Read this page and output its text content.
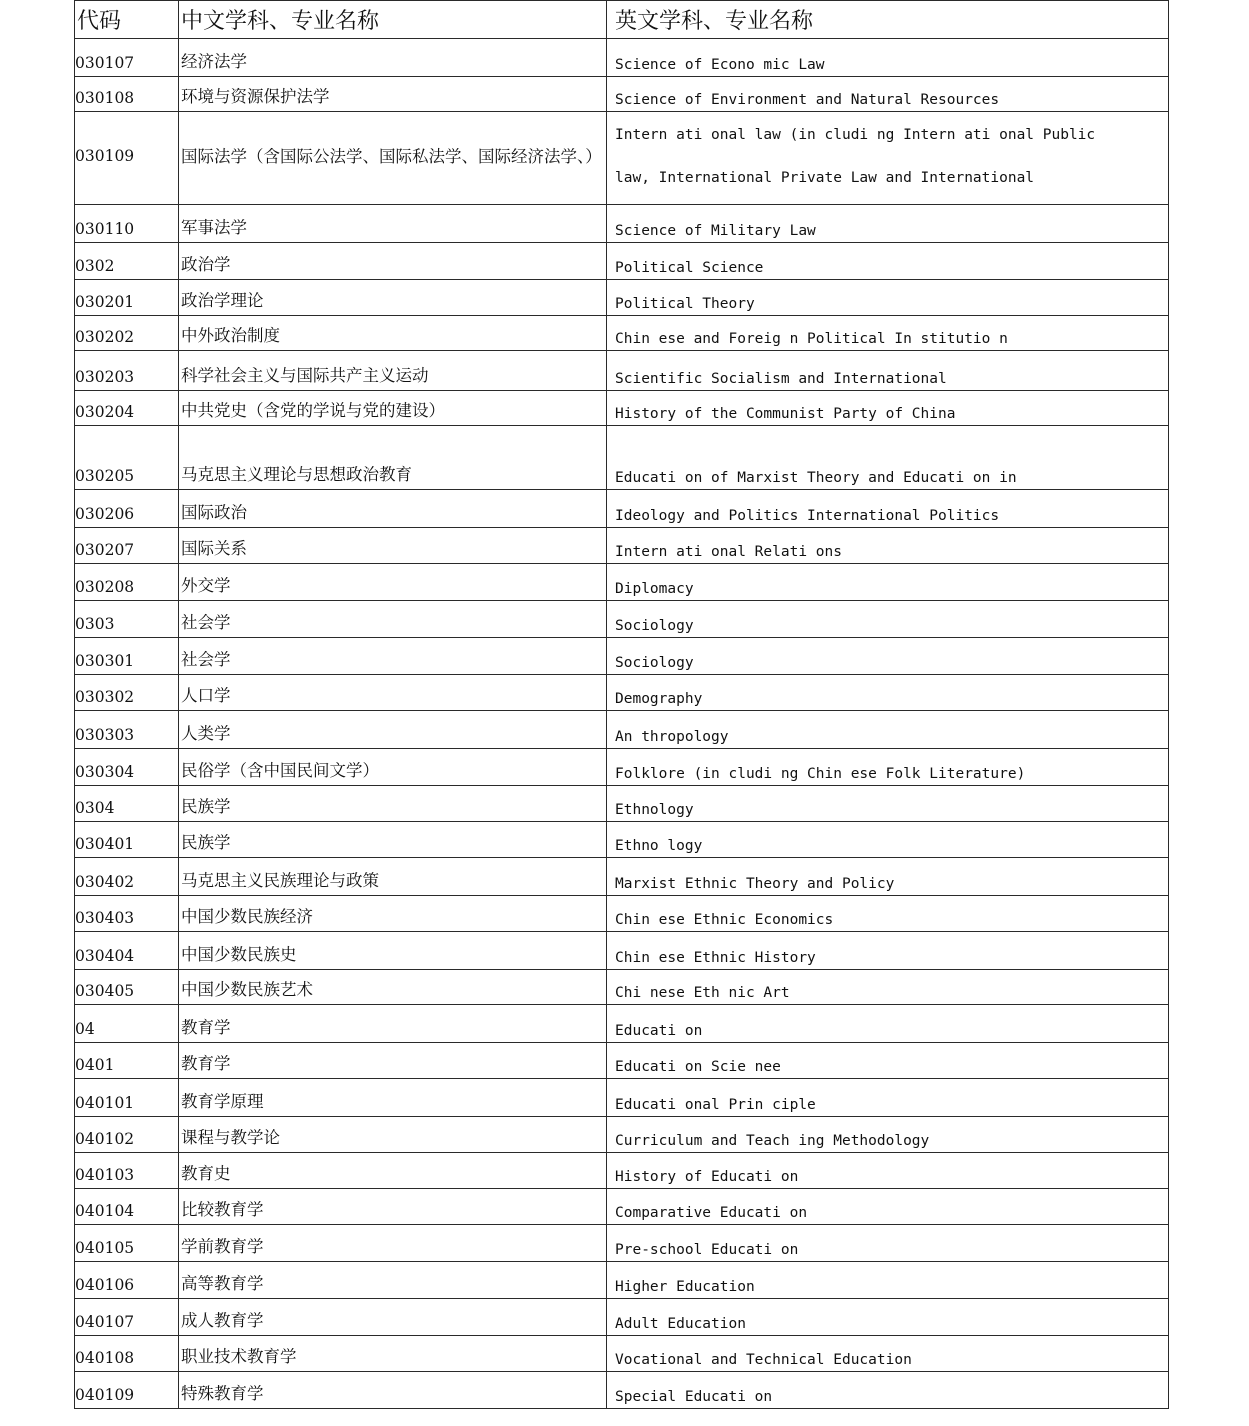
代码	中文学科、专业名称	英文学科、专业名称
030107	经济法学	Science of Econo mic Law
030108	环境与资源保护法学	Science of Environment and Natural Resources
030109	国际法学（含国际公法学、国际私法学、国际经济法学、）	Intern ati onal law (in cludi ng Intern ati onal Public law, International Private Law and International
030110	军事法学	Science of Military Law
0302	政治学	Political Science
030201	政治学理论	Political Theory
030202	中外政治制度	Chin ese and Foreig n Political In stitutio n
030203	科学社会主义与国际共产主义运动	Scientific Socialism and International
030204	中共党史（含党的学说与党的建设）	History of the Communist Party of China
030205	马克思主义理论与思想政治教育	Educati on of Marxist Theory and Educati on in
030206	国际政治	Ideology and Politics International Politics
030207	国际关系	Intern ati onal Relati ons
030208	外交学	Diplomacy
0303	社会学	Sociology
030301	社会学	Sociology
030302	人口学	Demography
030303	人类学	An thropology
030304	民俗学（含中国民间文学）	Folklore (in cludi ng Chin ese Folk Literature)
0304	民族学	Ethnology
030401	民族学	Ethno logy
030402	马克思主义民族理论与政策	Marxist Ethnic Theory and Policy
030403	中国少数民族经济	Chin ese Ethnic Economics
030404	中国少数民族史	Chin ese Ethnic History
030405	中国少数民族艺术	Chi nese Eth nic Art
04	教育学	Educati on
0401	教育学	Educati on Scie nee
040101	教育学原理	Educati onal Prin ciple
040102	课程与教学论	Curriculum and Teach ing Methodology
040103	教育史	History of Educati on
040104	比较教育学	Comparative Educati on
040105	学前教育学	Pre-school Educati on
040106	高等教育学	Higher Education
040107	成人教育学	Adult Education
040108	职业技术教育学	Vocational and Technical Education
040109	特殊教育学	Special Educati on
